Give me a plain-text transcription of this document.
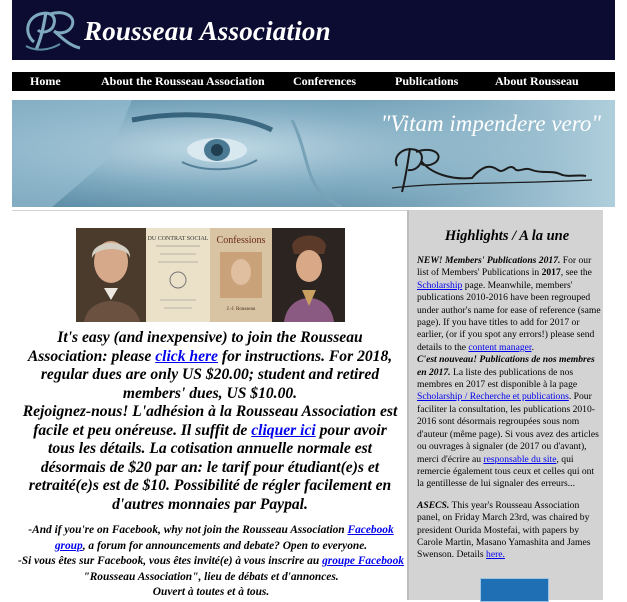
Rousseau Association
Home	About the Rousseau Association Conferences	Publications	About Rousseau
"Vitam impendere vero"
DU CONTRAT SOCIAL Confessions
J.-J. Rousseau
It's easy (and inexpensive) to join the Rousseau Association: please click here for instructions. For 2018, regular dues are only US $20.00; student and retired members' dues, US $10.00.
Rejoignez-nous! L'adhésion à la Rousseau Association est facile et peu onéreuse. Il suffit de cliquer ici pour avoir tous les détails. La cotisation annuelle normale est désormais de $20 par an: le tarif pour étudiant(e)s et retraité(e)s est de $10. Possibilité de régler facilement en d'autres monnaies par Paypal.
-And if you're on Facebook, why not join the Rousseau Association Facebook group, a forum for announcements and debate? Open to everyone.
-Si vous êtes sur Facebook, vous êtes invité(e) à vous inscrire au groupe Facebook "Rousseau Association", lieu de débats et d'annonces.
Ouvert à toutes et à tous.
Highlights / A la une

NEW! Members' Publications 2017. For our list of Members' Publications in 2017, see the Scholarship page. Meanwhile, members' publications 2010-2016 have been regrouped under author's name for ease of reference (same page). If you have titles to add for 2017 or earlier, (or if you spot any errors!) please send details to the content manager.

C'est nouveau! Publications de nos membres en 2017. La liste des publications de nos membres en 2017 est disponible à la page Scholarship / Recherche et publications. Pour faciliter la consultation, les publications 2010-2016 sont désormais regroupées sous nom d'auteur (même page). Si vous avez des articles ou ouvrages à signaler (de 2017 ou d'avant), merci d'écrire au responsable du site, qui remercie également tous ceux et celles qui ont la gentillesse de lui signaler des erreurs...

ASECS. This year's Rousseau Association panel, on Friday March 23rd, was chaired by president Ourida Mostefai, with papers by Carole Martin, Masano Yamashita and James Swenson. Details here.
